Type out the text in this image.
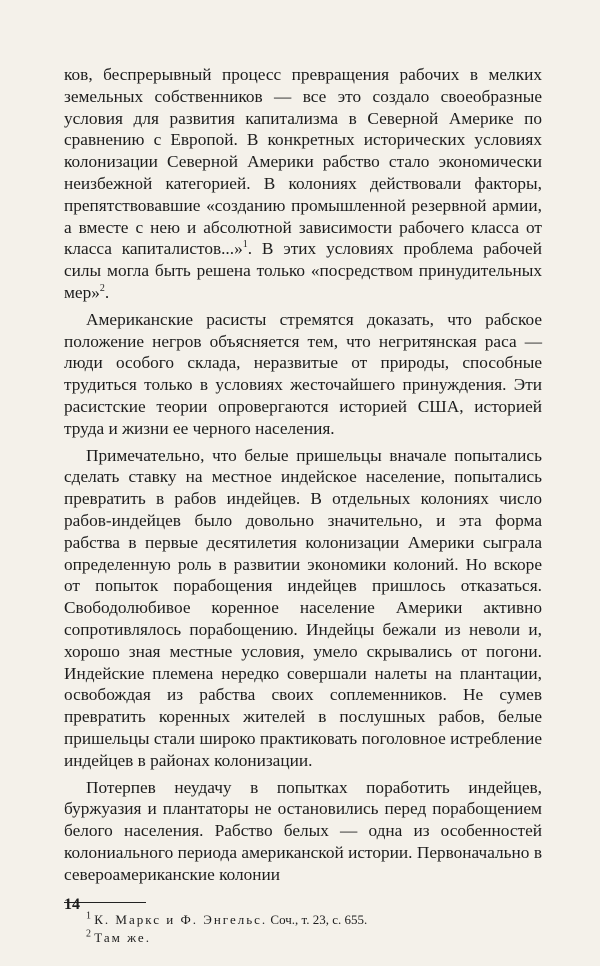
ков, беспрерывный процесс превращения рабочих в мелких земельных собственников — все это создало своеобразные условия для развития капитализма в Северной Америке по сравнению с Европой. В конкретных исторических условиях колонизации Северной Америки рабство стало экономически неизбежной категорией. В колониях действовали факторы, препятствовавшие «созданию промышленной резервной армии, а вместе с нею и абсолютной зависимости рабочего класса от класса капиталистов...»$^1$. В этих условиях проблема рабочей силы могла быть решена только «посредством принудительных мер»$^2$.

Американские расисты стремятся доказать, что рабское положение негров объясняется тем, что негритянская раса — люди особого склада, неразвитые от природы, способные трудиться только в условиях жесточайшего принуждения. Эти расистские теории опровергаются историей США, историей труда и жизни ее черного населения.

Примечательно, что белые пришельцы вначале попытались сделать ставку на местное индейское население, попытались превратить в рабов индейцев. В отдельных колониях число рабов-индейцев было довольно значительно, и эта форма рабства в первые десятилетия колонизации Америки сыграла определенную роль в развитии экономики колоний. Но вскоре от попыток порабощения индейцев пришлось отказаться. Свободолюбивое коренное население Америки активно сопротивлялось порабощению. Индейцы бежали из неволи и, хорошо зная местные условия, умело скрывались от погони. Индейские племена нередко совершали налеты на плантации, освобождая из рабства своих соплеменников. Не сумев превратить коренных жителей в послушных рабов, белые пришельцы стали широко практиковать поголовное истребление индейцев в районах колонизации.

Потерпев неудачу в попытках поработить индейцев, буржуазия и плантаторы не остановились перед порабощением белого населения. Рабство белых — одна из особенностей колониального периода американской истории. Первоначально в североамериканские колонии

$^1$ К. Маркс и Ф. Энгельс. Соч., т. 23, с. 655.

$^2$ Там же.

14
